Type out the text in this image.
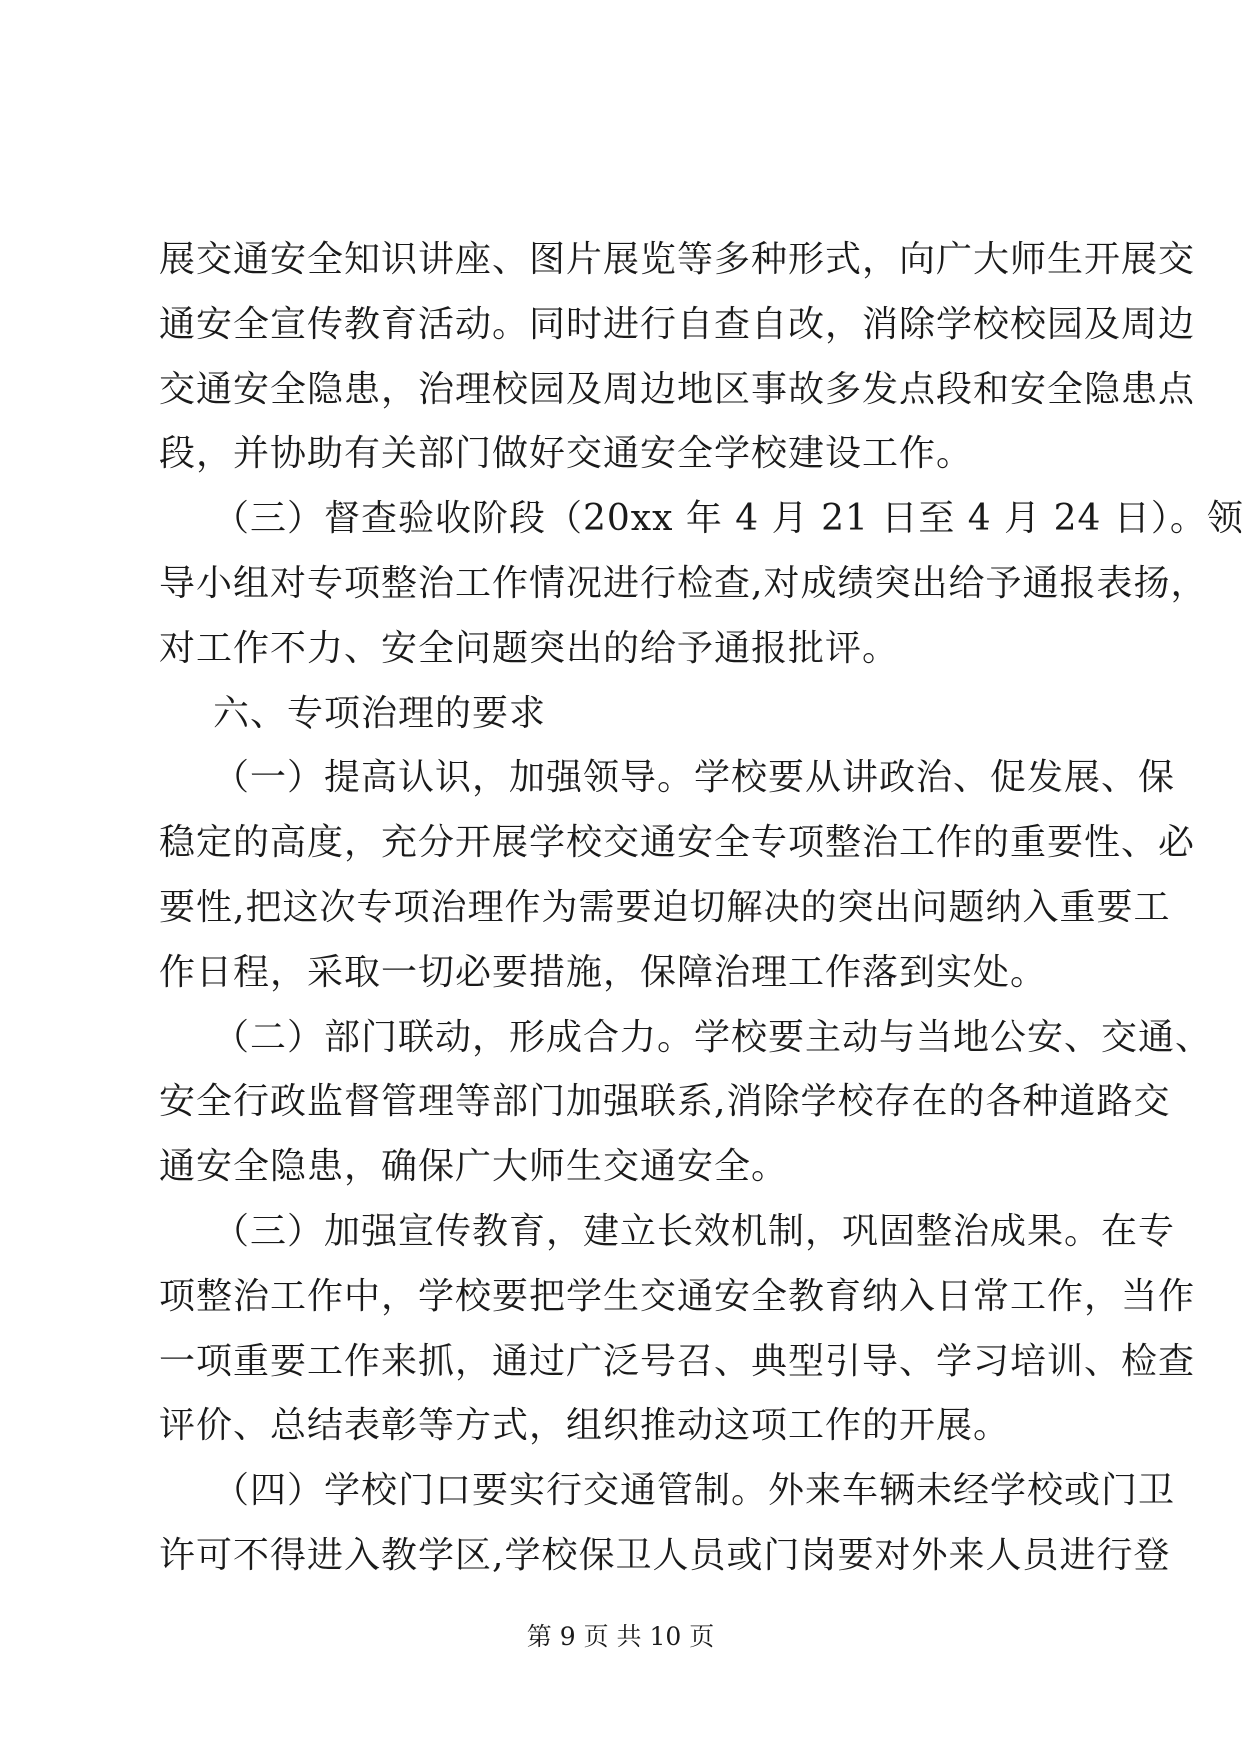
展交通安全知识讲座、图片展览等多种形式，向广大师生开展交
通安全宣传教育活动。同时进行自查自改，消除学校校园及周边
交通安全隐患，治理校园及周边地区事故多发点段和安全隐患点
段，并协助有关部门做好交通安全学校建设工作。
（三）督查验收阶段（20xx 年 4 月 21 日至 4 月 24 日）。领
导小组对专项整治工作情况进行检查,对成绩突出给予通报表扬，
对工作不力、安全问题突出的给予通报批评。
六、专项治理的要求
（一）提高认识，加强领导。学校要从讲政治、促发展、保
稳定的高度，充分开展学校交通安全专项整治工作的重要性、必
要性,把这次专项治理作为需要迫切解决的突出问题纳入重要工
作日程，采取一切必要措施，保障治理工作落到实处。
（二）部门联动，形成合力。学校要主动与当地公安、交通、
安全行政监督管理等部门加强联系,消除学校存在的各种道路交
通安全隐患，确保广大师生交通安全。
（三）加强宣传教育，建立长效机制，巩固整治成果。在专
项整治工作中，学校要把学生交通安全教育纳入日常工作，当作
一项重要工作来抓，通过广泛号召、典型引导、学习培训、检查
评价、总结表彰等方式，组织推动这项工作的开展。
（四）学校门口要实行交通管制。外来车辆未经学校或门卫
许可不得进入教学区,学校保卫人员或门岗要对外来人员进行登
第 9 页 共 10 页
